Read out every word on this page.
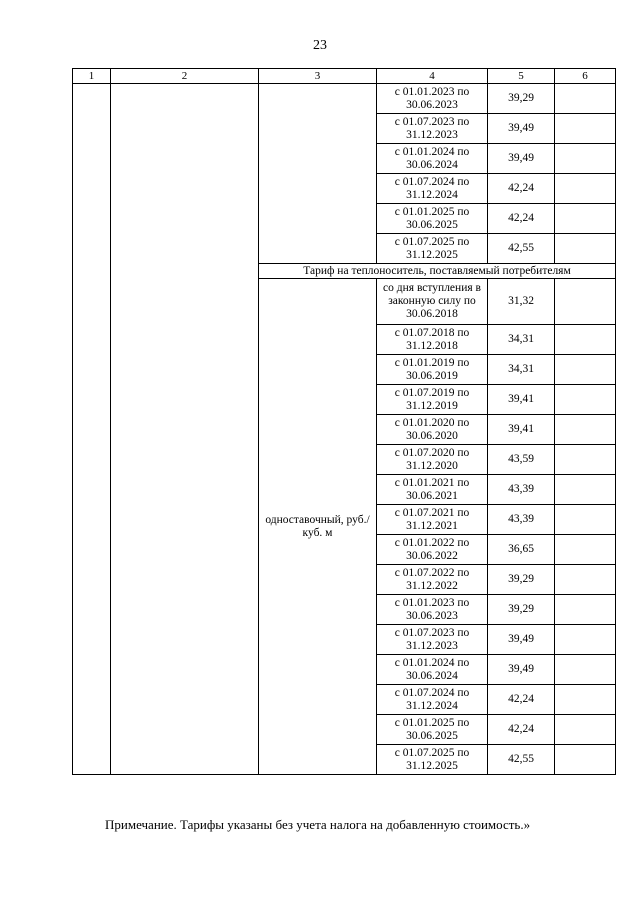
23
1	2	3	4	5	6
			с 01.01.2023 по 30.06.2023	39,29	
			с 01.07.2023 по 31.12.2023	39,49	
			с 01.01.2024 по 30.06.2024	39,49	
			с 01.07.2024 по 31.12.2024	42,24	
			с 01.01.2025 по 30.06.2025	42,24	
			с 01.07.2025 по 31.12.2025	42,55	
		Тариф на теплоноситель, поставляемый потребителям			
		одноставочный, руб./куб. м	со дня вступления в законную силу по 30.06.2018	31,32	
			с 01.07.2018 по 31.12.2018	34,31	
			с 01.01.2019 по 30.06.2019	34,31	
			с 01.07.2019 по 31.12.2019	39,41	
			с 01.01.2020 по 30.06.2020	39,41	
			с 01.07.2020 по 31.12.2020	43,59	
			с 01.01.2021 по 30.06.2021	43,39	
			с 01.07.2021 по 31.12.2021	43,39	
			с 01.01.2022 по 30.06.2022	36,65	
			с 01.07.2022 по 31.12.2022	39,29	
			с 01.01.2023 по 30.06.2023	39,29	
			с 01.07.2023 по 31.12.2023	39,49	
			с 01.01.2024 по 30.06.2024	39,49	
			с 01.07.2024 по 31.12.2024	42,24	
			с 01.01.2025 по 30.06.2025	42,24	
			с 01.07.2025 по 31.12.2025	42,55	
Примечание. Тарифы указаны без учета налога на добавленную стоимость.»
